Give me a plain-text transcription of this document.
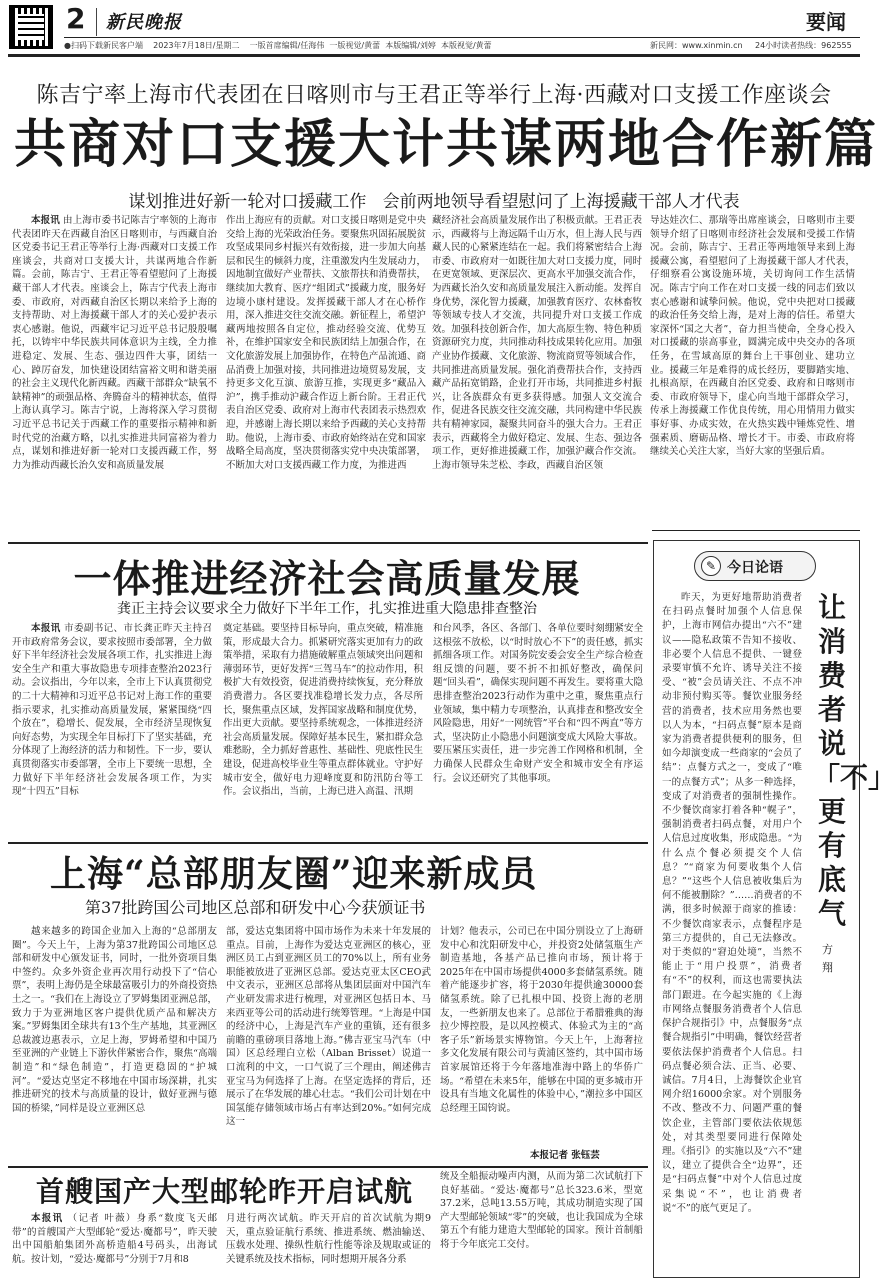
2 新民晚报	要闻
●扫码下载新民客户端    2023年7月18日/星期二    一版首席编辑/任海伟  一版视觉/黄蕾  本版编辑/刘婷  本版视觉/黄蕾	新民网：www.xinmin.cn 24小时读者热线：962555
陈吉宁率上海市代表团在日喀则市与王君正等举行上海·西藏对口支援工作座谈会
共商对口支援大计共谋两地合作新篇
谋划推进好新一轮对口援藏工作   会前两地领导看望慰问了上海援藏干部人才代表

本报讯 由上海市委书记陈吉宁率领的上海市代表团昨天在西藏自治区日喀则市，与西藏自治区党委书记王君正等举行上海·西藏对口支援工作座谈会，共商对口支援大计，共谋两地合作新篇。会前，陈吉宁、王君正等看望慰问了上海援藏干部人才代表。座谈会上，陈吉宁代表上海市委、市政府，对西藏自治区长期以来给予上海的支持帮助、对上海援藏干部人才的关心爱护表示衷心感谢。他说，西藏牢记习近平总书记殷殷嘱托，以铸牢中华民族共同体意识为主线，全力推进稳定、发展、生态、强边四件大事，团结一心、踔厉奋发，加快建设团结富裕文明和谐美丽的社会主义现代化新西藏。西藏干部群众“缺氧不缺精神”的顽强品格、奔腾奋斗的精神状态，值得上海认真学习。陈吉宁说，上海将深入学习贯彻习近平总书记关于西藏工作的重要指示精神和新时代党的治藏方略，以扎实推进共同富裕为着力点，谋划和推进好新一轮对口支援西藏工作，努力为推动西藏长治久安和高质量发展

作出上海应有的贡献。对口支援日喀则是党中央交给上海的光荣政治任务。要聚焦巩固拓展脱贫攻坚成果同乡村振兴有效衔接，进一步加大向基层和民生的倾斜力度，注重激发内生发展动力，因地制宜做好产业帮扶、文旅帮扶和消费帮扶，继续加大教育、医疗“组团式”援藏力度，服务好边境小康村建设。发挥援藏干部人才在心桥作用，深入推进交往交流交融。新征程上，希望沪藏两地按照各自定位，推动经验交流、优势互补，在维护国家安全和民族团结上加强合作，在文化旅游发展上加强协作，在特色产品流通、商品消费上加强对接，共同推进边境贸易发展，支持更多文化互演、旅游互推，实现更多“藏品入沪”，携手推动沪藏合作迈上新台阶。王君正代表自治区党委、政府对上海市代表团表示热烈欢迎，并感谢上海长期以来给予西藏的关心支持帮助。他说，上海市委、市政府始终站在党和国家战略全局高度，坚决贯彻落实党中央决策部署，不断加大对口支援西藏工作力度，为推进西

藏经济社会高质量发展作出了积极贡献。王君正表示，西藏将与上海远隔千山万水，但上海人民与西藏人民的心紧紧连结在一起。我们将紧密结合上海市委、市政府对一如既往加大对口支援力度，同时在更宽领域、更深层次、更高水平加强交流合作，为西藏长治久安和高质量发展注入新动能。发挥自身优势，深化智力援藏，加强教育医疗、农林畜牧等领域专技人才交流，共同提升对口支援工作成效。加强科技创新合作，加大高原生物、特色种质资源研究力度，共同推动科技成果转化应用。加强产业协作援藏、文化旅游、物流商贸等领域合作，共同推进高质量发展。强化消费帮扶合作，支持西藏产品拓宽销路，企业打开市场，共同推进乡村振兴，让各族群众有更多获得感。加强人文交流合作，促进各民族交往交流交融，共同构建中华民族共有精神家园，凝聚共同奋斗的强大合力。王君正表示，西藏将全力做好稳定、发展、生态、强边各项工作，更好推进援藏工作，加强沪藏合作交流。上海市领导朱芝松、李政，西藏自治区领

导达娃次仁、那瑞等出席座谈会，日喀则市主要领导介绍了日喀则市经济社会发展和受援工作情况。会前，陈吉宁、王君正等两地领导来到上海援藏公寓，看望慰问了上海援藏干部人才代表，仔细察看公寓设施环境，关切询问工作生活情况。陈吉宁向工作在对口支援一线的同志们致以衷心感谢和诚挚问候。他说，党中央把对口援藏的政治任务交给上海，是对上海的信任。希望大家深怀“国之大者”，奋力担当使命，全身心投入对口援藏的崇高事业，圆满完成中央交办的各项任务，在雪域高原的舞台上干事创业、建功立业。援藏三年是难得的成长经历，要脚踏实地、扎根高原，在西藏自治区党委、政府和日喀则市委、市政府领导下，虚心向当地干部群众学习，传承上海援藏工作优良传统，用心用情用力做实事好事、办成实效，在火热实践中锤炼党性、增强素质、磨砺品格、增长才干。市委、市政府将继续关心关注大家，当好大家的坚强后盾。

一体推进经济社会高质量发展
龚正主持会议要求全力做好下半年工作，扎实推进重大隐患排查整治

本报讯 市委副书记、市长龚正昨天主持召开市政府常务会议，要求按照市委部署，全力做好下半年经济社会发展各项工作，扎实推进上海安全生产和重大事故隐患专项排查整治2023行动。会议指出，今年以来，全市上下认真贯彻党的二十大精神和习近平总书记对上海工作的重要指示要求，扎实推动高质量发展，紧紧围绕“四个放在”，稳增长、促发展，全市经济呈现恢复向好态势，为实现全年目标打下了坚实基础，充分体现了上海经济的活力和韧性。下一步，要认真贯彻落实市委部署，全市上下要统一思想，全力做好下半年经济社会发展各项工作，为实现“十四五”目标

奠定基础。要坚持目标导向，重点突破，精准施策，形成最大合力。抓紧研究落实更加有力的政策举措，采取有力措施破解重点领域突出问题和薄弱环节，更好发挥“三驾马车”的拉动作用，积极扩大有效投资，促进消费持续恢复，充分释放消费潜力。各区要找准稳增长发力点，各尽所长，聚焦重点区域，发挥国家战略和制度优势，作出更大贡献。要坚持系统观念，一体推进经济社会高质量发展。保障好基本民生，紧扣群众急难愁盼，全力抓好普惠性、基础性、兜底性民生建设，促进高校毕业生等重点群体就业。守护好城市安全，做好电力迎峰度夏和防汛防台等工作。会议指出，当前，上海已进入高温、汛期

和台风季，各区、各部门、各单位要时刻绷紧安全这根弦不放松，以“时时放心不下”的责任感，抓实抓细各项工作。对国务院安委会安全生产综合检查组反馈的问题，要不折不扣抓好整改，确保问题“回头看”，确保实现问题不再发生。要将重大隐患排查整治2023行动作为重中之重，聚焦重点行业领域，集中精力专项整治，认真排查和整改安全风险隐患，用好“一网统管”平台和“四不两直”等方式，坚决防止小隐患小问题演变成大风险大事故。要压紧压实责任，进一步完善工作网格和机制，全力确保人民群众生命财产安全和城市安全有序运行。会议还研究了其他事项。

上海“总部朋友圈”迎来新成员
第37批跨国公司地区总部和研发中心今获颁证书

越来越多的跨国企业加入上海的“总部朋友圈”。今天上午，上海为第37批跨国公司地区总部和研发中心颁发证书，同时，一批外资项目集中签约。众多外资企业再次用行动投下了“信心票”，表明上海仍是全球最富吸引力的外商投资热土之一。“我们在上海设立了罗姆集团亚洲总部，致力于为亚洲地区客户提供优质产品和解决方案。”罗姆集团全球共有13个生产基地，其亚洲区总裁渡边惠表示，立足上海，罗姆希望和中国乃至亚洲的产业链上下游伙伴紧密合作，聚焦“高端制造”和“绿色制造”，打造更稳固的“护城河”。“爱达克坚定不移地在中国市场深耕，扎实推进研究的技术与高质量的设计，做好亚洲与德国的桥梁，”同样是设立亚洲区总

部，爱达克集团将中国市场作为未来十年发展的重点。目前，上海作为爱达克亚洲区的核心，亚洲区员工占到亚洲区员工的70%以上，所有业务职能被放进了亚洲区总部。爱达克亚太区CEO武中文表示，亚洲区总部将从集团层面对中国汽车产业研发需求进行梳理，对亚洲区包括日本、马来西亚等公司的活动进行统筹管理。“上海是中国的经济中心，上海是汽车产业的重镇，还有很多前瞻的重磅项目落地上海。”佛吉亚宝马汽车（中国）区总经理白立松（Alban Brisset）说道一口流利的中文，一口气说了三个理由，阐述佛吉亚宝马为何选择了上海。在坚定选择的背后，还展示了在华发展的雄心壮志。“我们公司计划在中国氢能存储领域市场占有率达到20%。”如何完成这一

计划？他表示，公司已在中国分别设立了上海研发中心和沈阳研发中心，并投资2处储氢瓶生产制造基地，各基产品已推向市场，预计将于2025年在中国市场提供4000多套储氢系统。随着产能逐步扩容，将于2030年提供逾30000套储氢系统。除了已扎根中国、投资上海的老朋友，一些新朋友也来了。总部位于希腊雅典的海拉少博控股，是以风控模式、体验式为主的“高客子乐”新场景实博物馆。今天上午，上海奢拉多文化发展有限公司与黄浦区签约，其中国市场首家展馆还将于今年落地准海中路上的华侨广场。“希望在未来5年，能够在中国的更多城市开设具有当地文化属性的体验中心，”潮拉多中国区总经理王国钧说。

本报记者 张钰芸
首艘国产大型邮轮昨开启试航

本报讯 （记者 叶薇）身系“数度飞天邮带”的首艘国产大型邮轮“爱达·魔都号”，昨天驶出中国船舶集团外高桥造船4号码头，出海试航。按计划，“爱达·魔都号”分别于7月和8

月进行两次试航。昨天开启的首次试航为期9天，重点验证航行系统、推进系统、燃油输送、压载水处理、操纵性航行性能等涂及规取或证的关键系统及技术指标，同时想期开展各分系

统及全船振动噪声内测，从而为第二次试航打下良好基础。“爱达·魔都号”总长323.6米，型宽37.2米，总吨13.55万吨，其成功制造实现了国产大型邮轮领域“零”的突破，也让我国成为全球第五个有能力建造大型邮轮的国家。预计首制船将于今年底完工交付。

✎ 今日论语
让消费者说「不」更有底气

昨天，为更好地帮助消费者在扫码点餐时加强个人信息保护，上海市网信办提出“六不”建议——隐私政策不告知不接收、非必要个人信息不提供、一键登录要审慎不允许、诱导关注不接受、“被”会员请关注、不点不冲动非预付购买等。餐饮业服务经营的消费者，技术应用务然也要以人为本，“扫码点餐”原本是商家为消费者提供便利的服务，但如今却演变成一些商家的“会员了结”：点餐方式之一，变成了“唯一的点餐方式”；从多一种选择，变成了对消费者的强制性操作。不少餐饮商家打着各种“幌子”，强制消费者扫码点餐，对用户个人信息过度收集，形成隐患。“为什么点个餐必须提交个人信息？”“商家为何要收集个人信息？”“这些个人信息被收集后为何不能被删除？”……消费者的不满，很多时候源于商家的推诿：不少餐饮商家表示，点餐程序是第三方提供的，自己无法修改。对于类似的“窘迫处境”，当然不能止于“用户投票”，消费者有“不”的权利，而这也需要执法部门跟进。在今起实施的《上海市网络点餐服务消费者个人信息保护合规指引》中，点餐服务“点餐合规指引”中明确，餐饮经营者要依法保护消费者个人信息。扫码点餐必须合法、正当、必要、诚信。7月4日，上海餐饮企业官网介绍16000余家。对个别服务不改、整改不力、问题严重的餐饮企业，主管部门要依法依规惩处，对其类型要同进行保障处理。《指引》的实施以及“六不”建议，建立了提供合全“边界”，还是“扫码点餐”中对个人信息过度采集说“不”，也让消费者说“不”的底气更足了。

方翔
